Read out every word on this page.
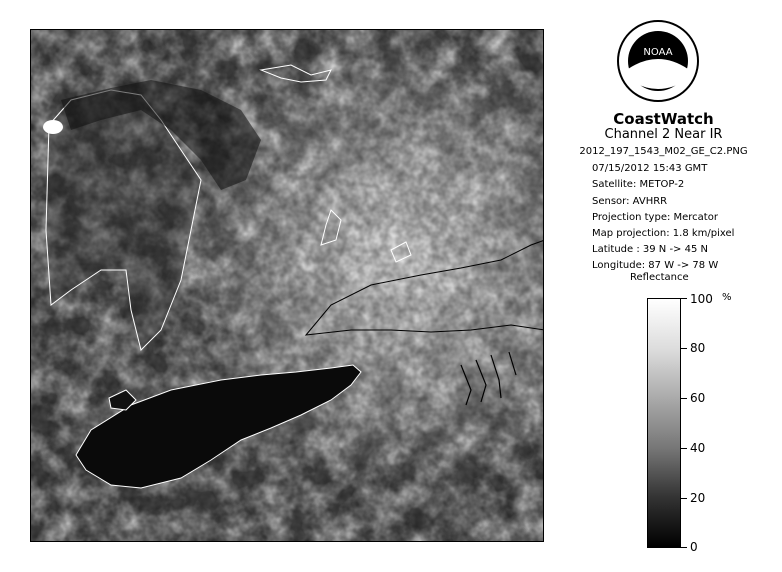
NOAA
CoastWatch
Channel 2 Near IR
2012_197_1543_M02_GE_C2.PNG
07/15/2012 15:43 GMT
Satellite: METOP-2
Sensor: AVHRR
Projection type: Mercator
Map projection: 1.8 km/pixel
Latitude : 39 N -> 45 N
Longitude: 87 W -> 78 W
Reflectance
%
100
80
60
40
20
0
